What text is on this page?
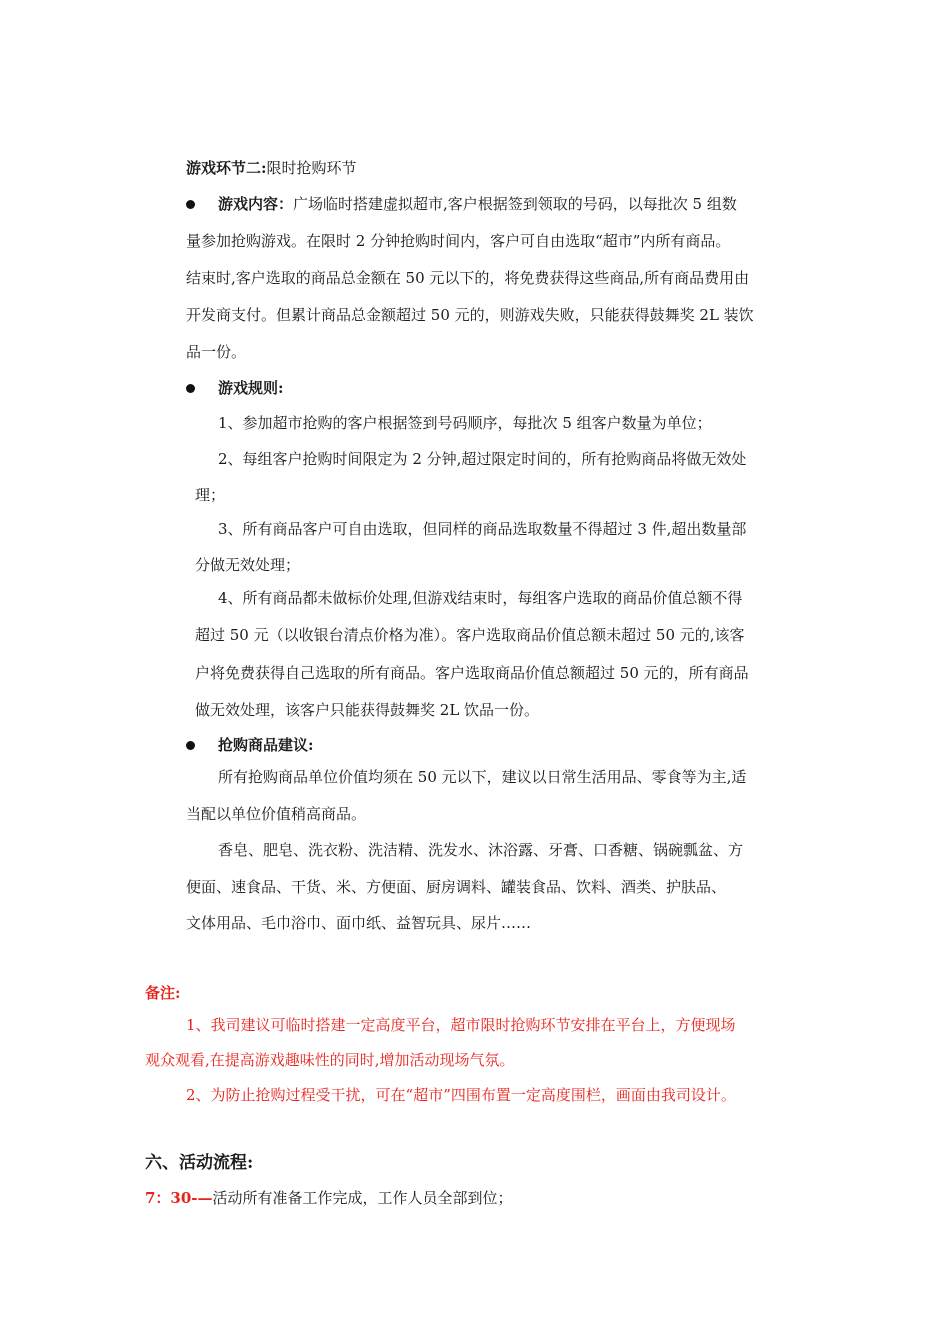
游戏环节二:限时抢购环节
游戏内容：广场临时搭建虚拟超市,客户根据签到领取的号码，以每批次 5 组数
量参加抢购游戏。在限时 2 分钟抢购时间内，客户可自由选取“超市”内所有商品。
结束时,客户选取的商品总金额在 50 元以下的，将免费获得这些商品,所有商品费用由
开发商支付。但累计商品总金额超过 50 元的，则游戏失败，只能获得鼓舞奖 2L 装饮
品一份。
游戏规则:
1、参加超市抢购的客户根据签到号码顺序，每批次 5 组客户数量为单位；
2、每组客户抢购时间限定为 2 分钟,超过限定时间的，所有抢购商品将做无效处
理；
3、所有商品客户可自由选取，但同样的商品选取数量不得超过 3 件,超出数量部
分做无效处理；
4、所有商品都未做标价处理,但游戏结束时，每组客户选取的商品价值总额不得
超过 50 元（以收银台清点价格为准）。客户选取商品价值总额未超过 50 元的,该客
户将免费获得自己选取的所有商品。客户选取商品价值总额超过 50 元的，所有商品
做无效处理，该客户只能获得鼓舞奖 2L 饮品一份。
抢购商品建议:
所有抢购商品单位价值均须在 50 元以下，建议以日常生活用品、零食等为主,适
当配以单位价值稍高商品。
香皂、肥皂、洗衣粉、洗洁精、洗发水、沐浴露、牙膏、口香糖、锅碗瓢盆、方
便面、速食品、干货、米、方便面、厨房调料、罐装食品、饮料、酒类、护肤品、
文体用品、毛巾浴巾、面巾纸、益智玩具、尿片……
备注:
1、我司建议可临时搭建一定高度平台，超市限时抢购环节安排在平台上，方便现场
观众观看,在提高游戏趣味性的同时,增加活动现场气氛。
2、为防止抢购过程受干扰，可在“超市”四围布置一定高度围栏，画面由我司设计。
六、活动流程:
7：30-—活动所有准备工作完成，工作人员全部到位；
